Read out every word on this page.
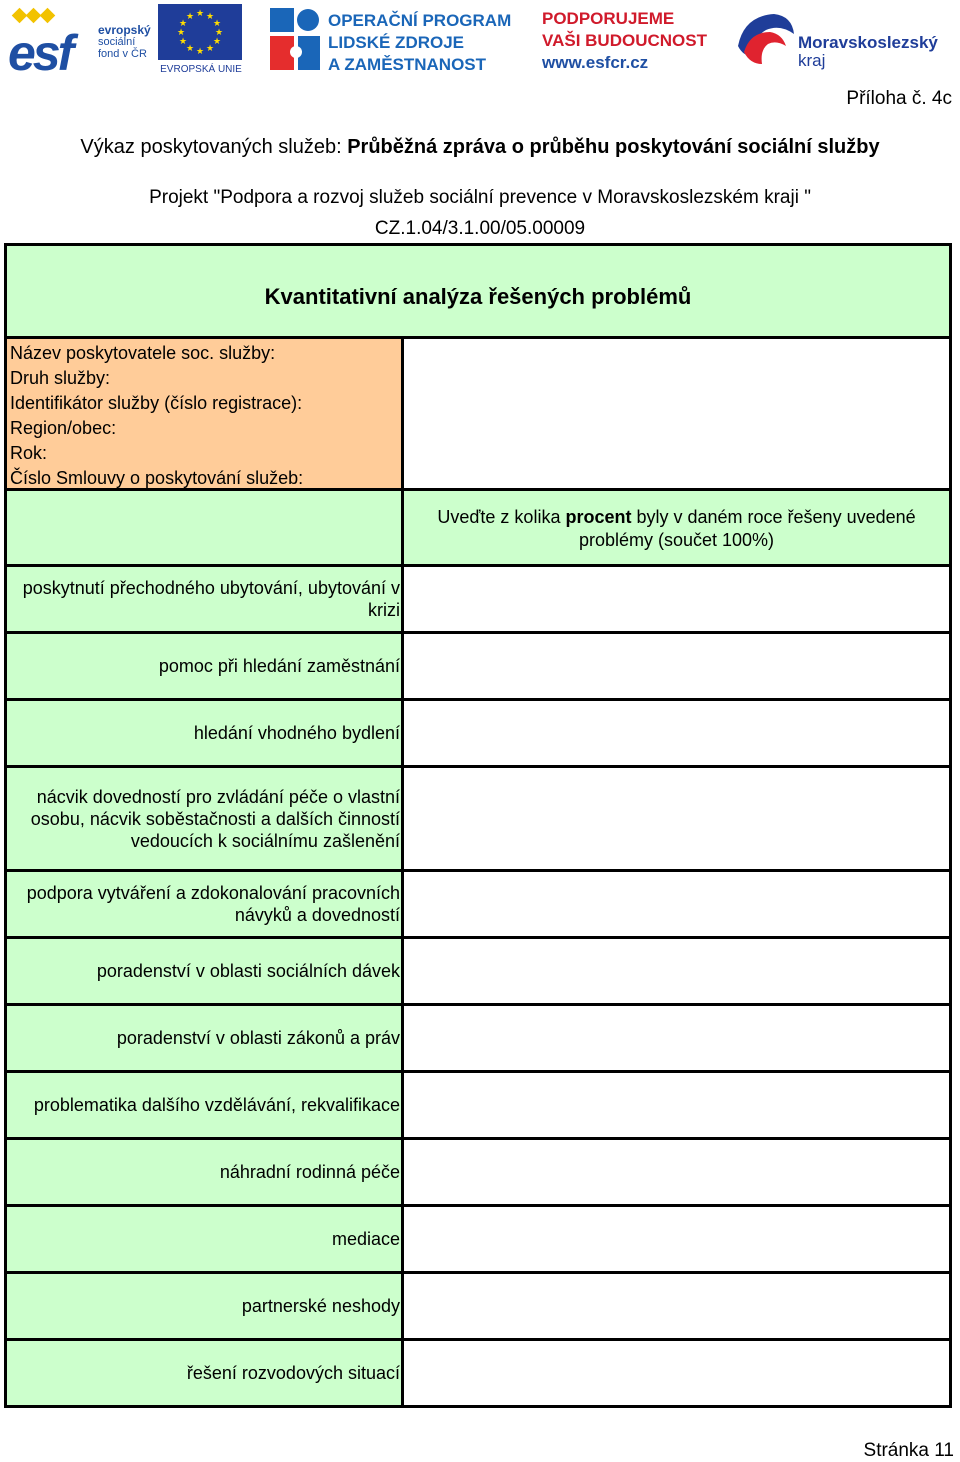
esf evropský
sociální
fond v ČR
★ ★
★
★
★
★
★
★
★
★
★
★
EVROPSKÁ UNIE
OPERAČNÍ PROGRAM
LIDSKÉ ZDROJE
A ZAMĚSTNANOST
PODPORUJEME
VAŠI BUDOUCNOST
www.esfcr.cz
Moravskoslezský
kraj
Příloha č. 4c
Výkaz poskytovaných služeb: Průběžná zpráva o průběhu poskytování sociální služby
Projekt "Podpora a rozvoj služeb sociální prevence v Moravskoslezském kraji "
CZ.1.04/3.1.00/05.00009
Kvantitativní analýza řešených problémů
Název poskytovatele soc. služby:
Druh služby:
Identifikátor služby (číslo registrace):
Region/obec:
Rok:
Číslo Smlouvy o poskytování služeb:
Uveďte z kolika procent byly v daném roce řešeny uvedené problémy (součet 100%)
poskytnutí přechodného ubytování, ubytování v krizi
pomoc při hledání zaměstnání
hledání vhodného bydlení
nácvik dovedností pro zvládání péče o vlastní osobu, nácvik soběstačnosti a dalších činností vedoucích k sociálnímu zašlenění
podpora vytváření a zdokonalování pracovních návyků a dovedností
poradenství v oblasti sociálních dávek
poradenství v oblasti zákonů a práv
problematika dalšího vzdělávání, rekvalifikace
náhradní rodinná péče
mediace
partnerské neshody
řešení rozvodových situací
Stránka 11
